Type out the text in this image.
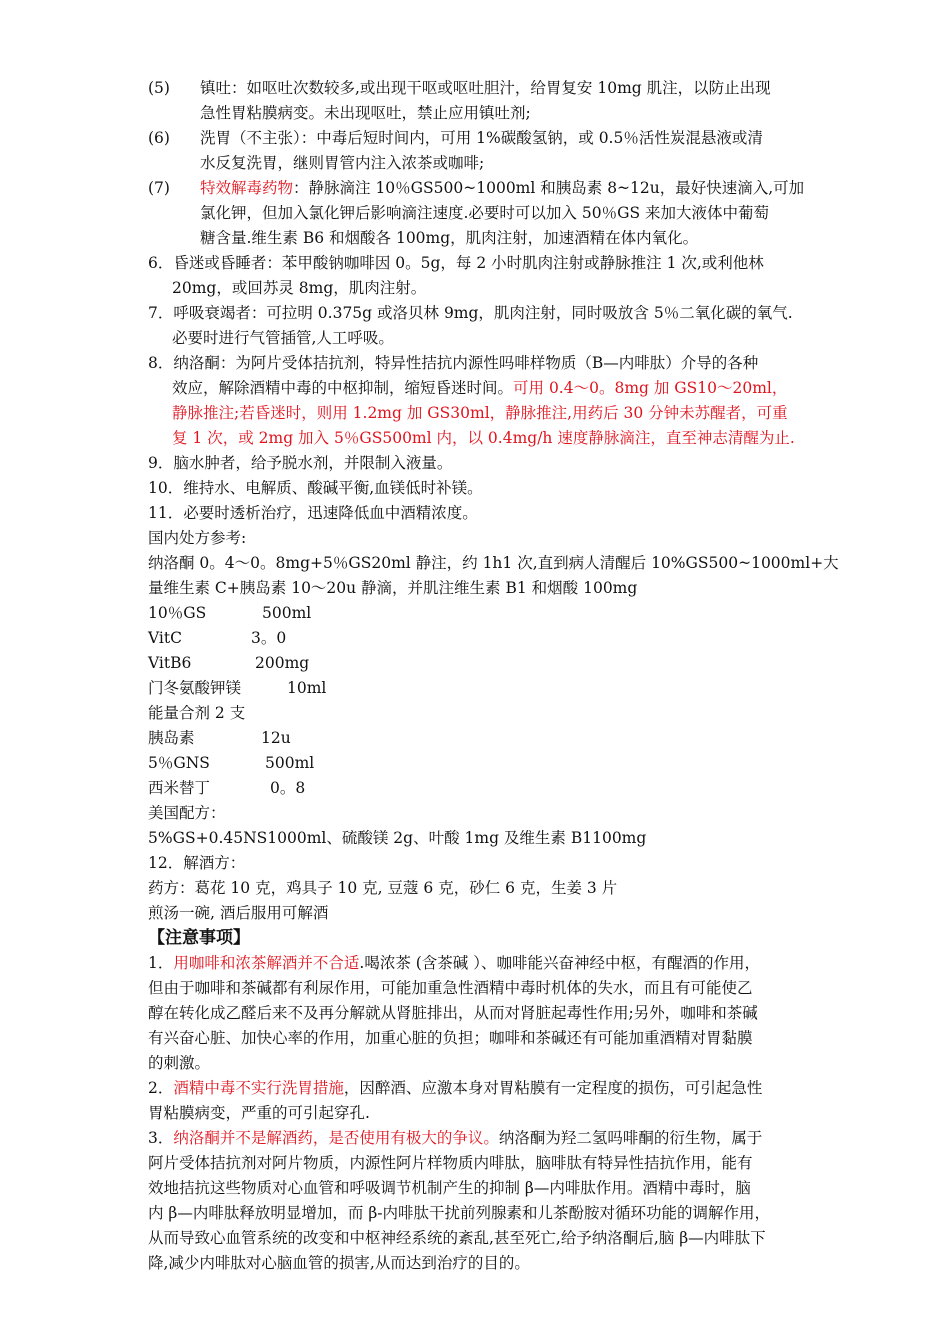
(5) 镇吐：如呕吐次数较多,或出现干呕或呕吐胆汁，给胃复安 10mg 肌注，以防止出现
急性胃粘膜病变。未出现呕吐，禁止应用镇吐剂;
(6) 洗胃（不主张）：中毒后短时间内，可用 1%碳酸氢钠，或 0.5％活性炭混悬液或清
水反复洗胃，继则胃管内注入浓茶或咖啡;
(7) 特效解毒药物：静脉滴注 10％GS500~1000ml 和胰岛素 8~12u，最好快速滴入,可加
氯化钾，但加入氯化钾后影响滴注速度.必要时可以加入 50％GS 来加大液体中葡萄
糖含量.维生素 B6 和烟酸各 100mg，肌肉注射，加速酒精在体内氧化。
6．昏迷或昏睡者：苯甲酸钠咖啡因 0。5g，每 2 小时肌肉注射或静脉推注 1 次,或利他林
20mg，或回苏灵 8mg，肌肉注射。
7．呼吸衰竭者：可拉明 0.375g 或洛贝林 9mg，肌肉注射，同时吸放含 5％二氧化碳的氧气.
必要时进行气管插管,人工呼吸。
8．纳洛酮：为阿片受体拮抗剂，特异性拮抗内源性吗啡样物质（B—内啡肽）介导的各种
效应，解除酒精中毒的中枢抑制，缩短昏迷时间。可用 0.4～0。8mg 加 GS10～20ml，
静脉推注;若昏迷时，则用 1.2mg 加 GS30ml，静脉推注,用药后 30 分钟未苏醒者，可重
复 1 次，或 2mg 加入 5％GS500ml 内，以 0.4mg/h 速度静脉滴注，直至神志清醒为止.
9．脑水肿者，给予脱水剂，并限制入液量。
10．维持水、电解质、酸碱平衡,血镁低时补镁。
11．必要时透析治疗，迅速降低血中酒精浓度。
国内处方参考:
纳洛酮 0。4～0。8mg+5％GS20ml 静注，约 1h1 次,直到病人清醒后 10%GS500~1000ml+大
量维生素 C+胰岛素 10～20u 静滴，并肌注维生素 B1 和烟酸 100mg
10％GS	500ml
VitC	3。0
VitB6	200mg
门冬氨酸钾镁	10ml
能量合剂 2 支
胰岛素	12u
5％GNS	500ml
西米替丁	0。8
美国配方：
5%GS+0.45NS1000ml、硫酸镁 2g、叶酸 1mg 及维生素 B1100mg
12．解酒方：
药方：葛花 10 克，鸡具子 10 克, 豆蔻 6 克，砂仁 6 克，生姜 3 片
煎汤一碗, 酒后服用可解酒
【注意事项】
1．用咖啡和浓茶解酒并不合适.喝浓茶 (含茶碱 ）、咖啡能兴奋神经中枢，有醒酒的作用，
但由于咖啡和茶碱都有利尿作用，可能加重急性酒精中毒时机体的失水，而且有可能使乙
醇在转化成乙醛后来不及再分解就从肾脏排出，从而对肾脏起毒性作用;另外，咖啡和茶碱
有兴奋心脏、加快心率的作用，加重心脏的负担；咖啡和茶碱还有可能加重酒精对胃黏膜
的刺激。
2．酒精中毒不实行洗胃措施，因醉酒、应激本身对胃粘膜有一定程度的损伤，可引起急性
胃粘膜病变，严重的可引起穿孔.
3．纳洛酮并不是解酒药，是否使用有极大的争议。纳洛酮为羟二氢吗啡酮的衍生物，属于
阿片受体拮抗剂对阿片物质，内源性阿片样物质内啡肽，脑啡肽有特异性拮抗作用，能有
效地拮抗这些物质对心血管和呼吸调节机制产生的抑制 β—内啡肽作用。酒精中毒时，脑
内 β—内啡肽释放明显增加，而 β-内啡肽干扰前列腺素和儿茶酚胺对循环功能的调解作用，
从而导致心血管系统的改变和中枢神经系统的紊乱,甚至死亡,给予纳洛酮后,脑 β—内啡肽下
降,减少内啡肽对心脑血管的损害,从而达到治疗的目的。
